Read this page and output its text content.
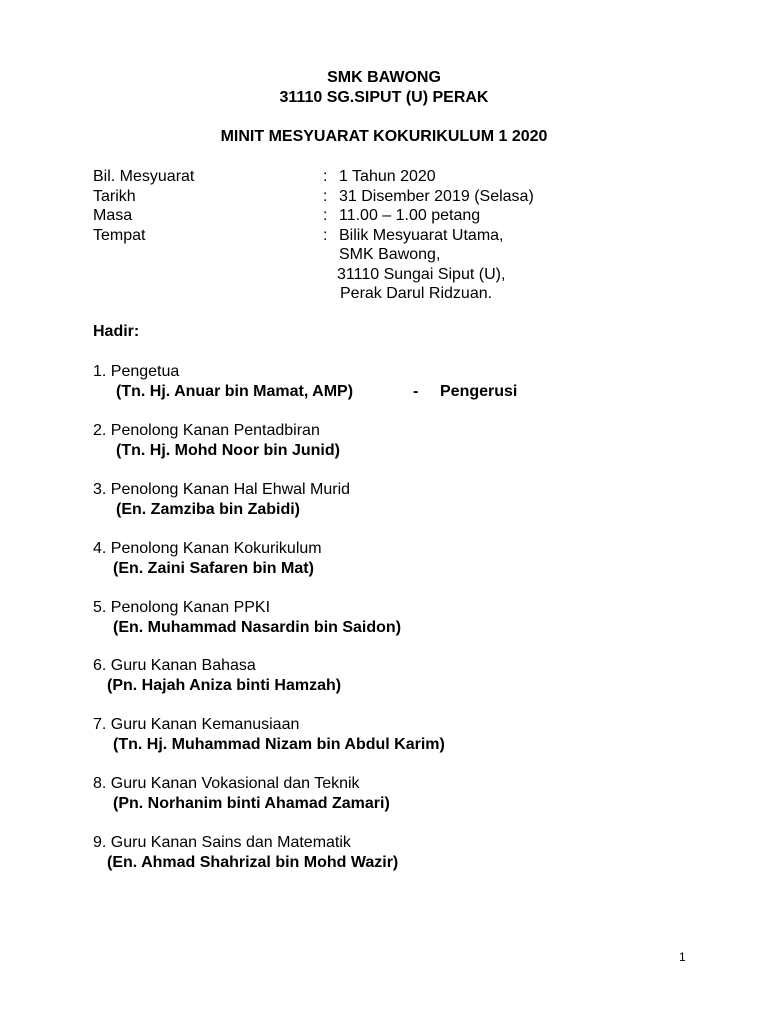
SMK BAWONG
31110 SG.SIPUT (U) PERAK
MINIT MESYUARAT KOKURIKULUM 1 2020
Bil. Mesyuarat	: 1 Tahun 2020
Tarikh	: 31 Disember 2019 (Selasa)
Masa	: 11.00 – 1.00 petang
Tempat	: Bilik Mesyuarat Utama,
SMK Bawong,
31110 Sungai Siput (U),
Perak Darul Ridzuan.
Hadir:
1. Pengetua
(Tn. Hj. Anuar bin Mamat, AMP)	- Pengerusi
2. Penolong Kanan Pentadbiran
(Tn. Hj. Mohd Noor bin Junid)
3. Penolong Kanan Hal Ehwal Murid
(En. Zamziba bin Zabidi)
4. Penolong Kanan Kokurikulum
(En. Zaini Safaren bin Mat)
5. Penolong Kanan PPKI
(En. Muhammad Nasardin bin Saidon)
6. Guru Kanan Bahasa
(Pn. Hajah Aniza binti Hamzah)
7. Guru Kanan Kemanusiaan
(Tn. Hj. Muhammad Nizam bin Abdul Karim)
8. Guru Kanan Vokasional dan Teknik
(Pn. Norhanim binti Ahamad Zamari)
9. Guru Kanan Sains dan Matematik
(En. Ahmad Shahrizal bin Mohd Wazir)
1
